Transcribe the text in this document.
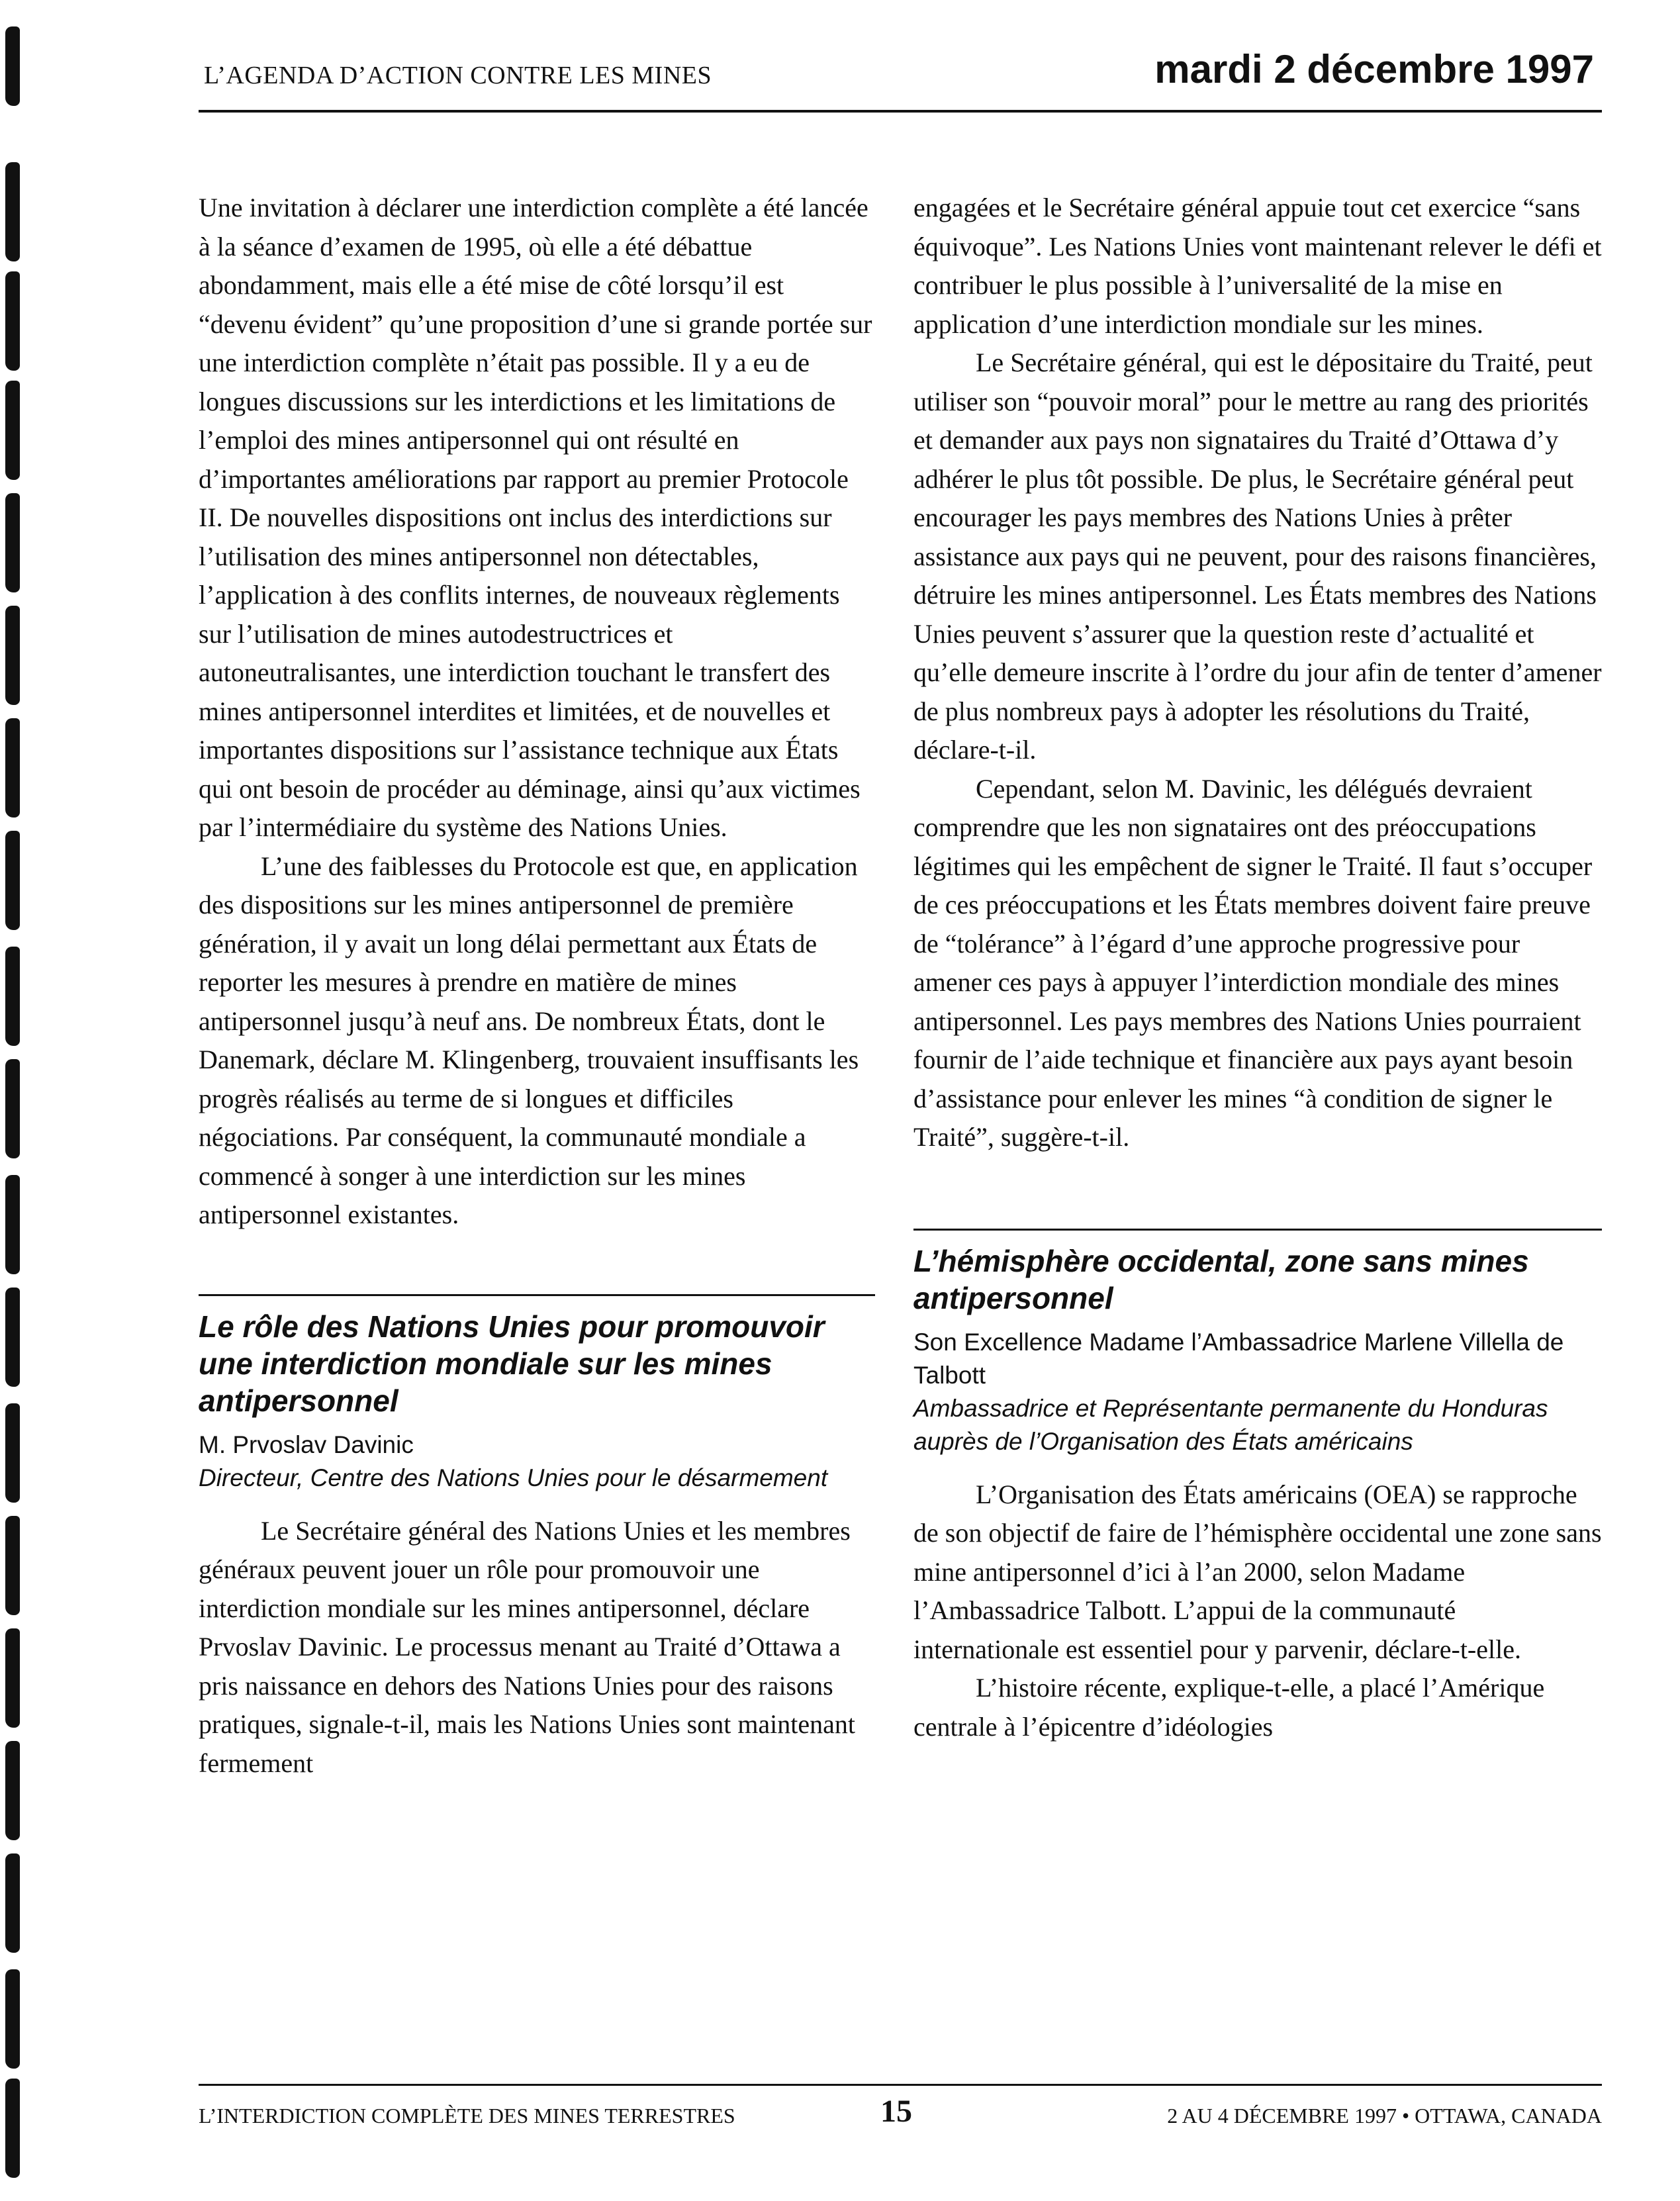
L’AGENDA D’ACTION CONTRE LES MINES	mardi 2 décembre 1997

Une invitation à déclarer une interdiction complète a été lancée à la séance d’examen de 1995, où elle a été débattue abondamment, mais elle a été mise de côté lorsqu’il est “devenu évident” qu’une proposition d’une si grande portée sur une interdiction complète n’était pas possible. Il y a eu de longues discussions sur les interdictions et les limitations de l’emploi des mines antipersonnel qui ont résulté en d’importantes améliorations par rapport au premier Protocole II. De nouvelles dispositions ont inclus des interdictions sur l’utilisation des mines antipersonnel non détectables, l’application à des conflits internes, de nouveaux règlements sur l’utilisation de mines autodestructrices et autoneutralisantes, une interdiction touchant le transfert des mines antipersonnel interdites et limitées, et de nouvelles et importantes dispositions sur l’assistance technique aux États qui ont besoin de procéder au déminage, ainsi qu’aux victimes par l’intermédiaire du système des Nations Unies.

L’une des faiblesses du Protocole est que, en application des dispositions sur les mines antipersonnel de première génération, il y avait un long délai permettant aux États de reporter les mesures à prendre en matière de mines antipersonnel jusqu’à neuf ans. De nombreux États, dont le Danemark, déclare M. Klingenberg, trouvaient insuffisants les progrès réalisés au terme de si longues et difficiles négociations. Par conséquent, la communauté mondiale a commencé à songer à une interdiction sur les mines antipersonnel existantes.

Le rôle des Nations Unies pour promouvoir une interdiction mondiale sur les mines antipersonnel
M. Prvoslav Davinic
Directeur, Centre des Nations Unies pour le désarmement

Le Secrétaire général des Nations Unies et les membres généraux peuvent jouer un rôle pour promouvoir une interdiction mondiale sur les mines antipersonnel, déclare Prvoslav Davinic. Le processus menant au Traité d’Ottawa a pris naissance en dehors des Nations Unies pour des raisons pratiques, signale-t-il, mais les Nations Unies sont maintenant fermement

engagées et le Secrétaire général appuie tout cet exercice “sans équivoque”. Les Nations Unies vont maintenant relever le défi et contribuer le plus possible à l’universalité de la mise en application d’une interdiction mondiale sur les mines.

Le Secrétaire général, qui est le dépositaire du Traité, peut utiliser son “pouvoir moral” pour le mettre au rang des priorités et demander aux pays non signataires du Traité d’Ottawa d’y adhérer le plus tôt possible. De plus, le Secrétaire général peut encourager les pays membres des Nations Unies à prêter assistance aux pays qui ne peuvent, pour des raisons financières, détruire les mines antipersonnel. Les États membres des Nations Unies peuvent s’assurer que la question reste d’actualité et qu’elle demeure inscrite à l’ordre du jour afin de tenter d’amener de plus nombreux pays à adopter les résolutions du Traité, déclare-t-il.

Cependant, selon M. Davinic, les délégués devraient comprendre que les non signataires ont des préoccupations légitimes qui les empêchent de signer le Traité. Il faut s’occuper de ces préoccupations et les États membres doivent faire preuve de “tolérance” à l’égard d’une approche progressive pour amener ces pays à appuyer l’interdiction mondiale des mines antipersonnel. Les pays membres des Nations Unies pourraient fournir de l’aide technique et financière aux pays ayant besoin d’assistance pour enlever les mines “à condition de signer le Traité”, suggère-t-il.

L’hémisphère occidental, zone sans mines antipersonnel
Son Excellence Madame l’Ambassadrice Marlene Villella de Talbott
Ambassadrice et Représentante permanente du Honduras auprès de l’Organisation des États américains

L’Organisation des États américains (OEA) se rapproche de son objectif de faire de l’hémisphère occidental une zone sans mine antipersonnel d’ici à l’an 2000, selon Madame l’Ambassadrice Talbott. L’appui de la communauté internationale est essentiel pour y parvenir, déclare-t-elle.

L’histoire récente, explique-t-elle, a placé l’Amérique centrale à l’épicentre d’idéologies

L’INTERDICTION COMPLÈTE DES MINES TERRESTRES	15	2 AU 4 DÉCEMBRE 1997 • OTTAWA, CANADA
